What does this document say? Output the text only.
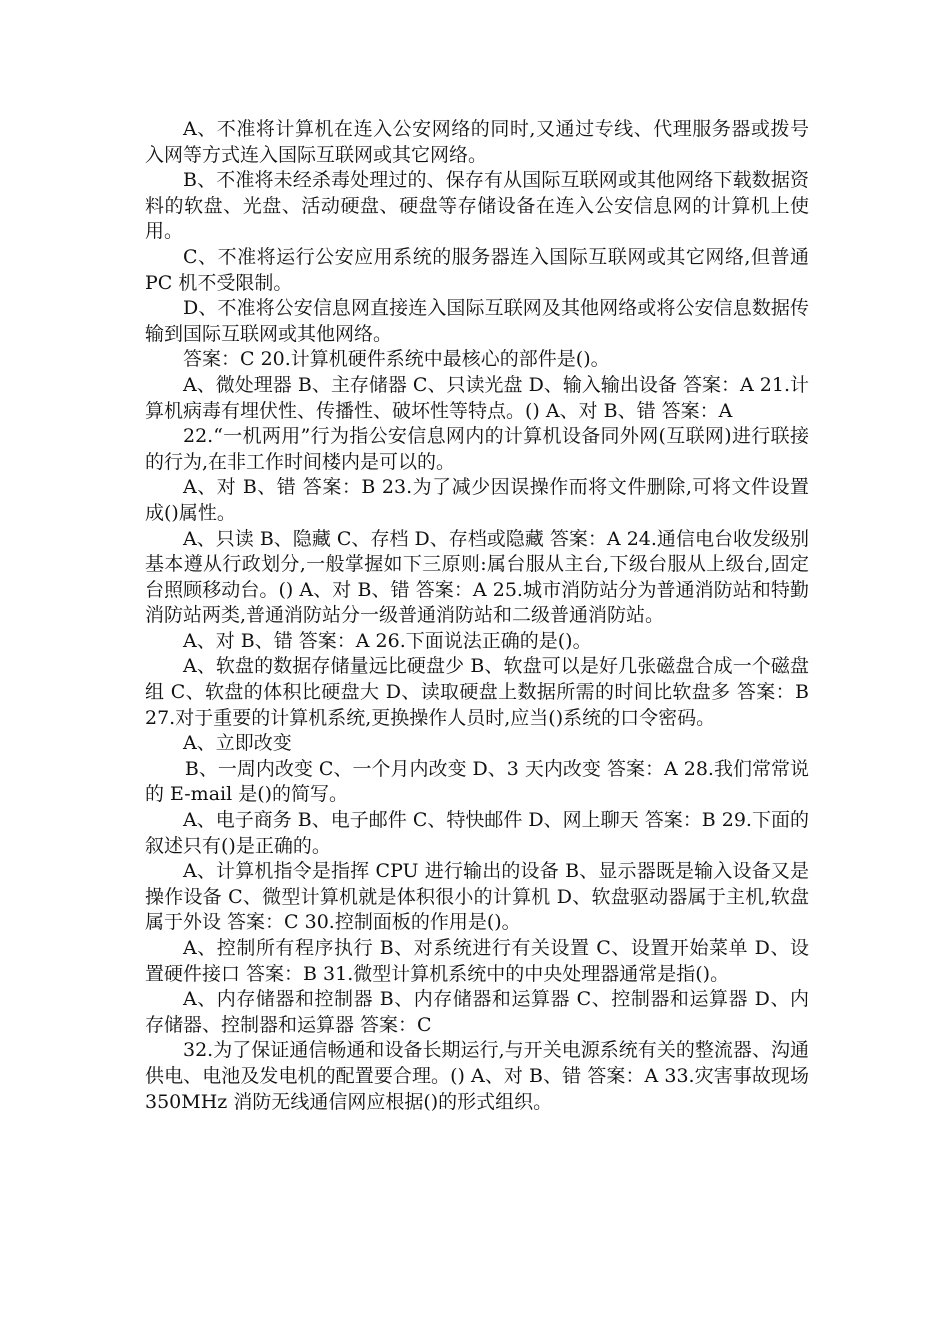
A、不准将计算机在连入公安网络的同时,又通过专线、代理服务器或拨号入网等方式连入国际互联网或其它网络。

B、不准将未经杀毒处理过的、保存有从国际互联网或其他网络下载数据资料的软盘、光盘、活动硬盘、硬盘等存储设备在连入公安信息网的计算机上使用。

C、不准将运行公安应用系统的服务器连入国际互联网或其它网络,但普通 PC 机不受限制。

D、不准将公安信息网直接连入国际互联网及其他网络或将公安信息数据传输到国际互联网或其他网络。

答案：C 20.计算机硬件系统中最核心的部件是()。

A、微处理器 B、主存储器 C、只读光盘 D、输入输出设备 答案：A 21.计算机病毒有埋伏性、传播性、破坏性等特点。() A、对 B、错 答案：A

22.“一机两用”行为指公安信息网内的计算机设备同外网(互联网)进行联接的行为,在非工作时间楼内是可以的。

A、对 B、错 答案：B 23.为了减少因误操作而将文件删除,可将文件设置成()属性。

A、只读 B、隐藏 C、存档 D、存档或隐藏 答案：A 24.通信电台收发级别基本遵从行政划分,一般掌握如下三原则:属台服从主台,下级台服从上级台,固定台照顾移动台。() A、对 B、错 答案：A 25.城市消防站分为普通消防站和特勤消防站两类,普通消防站分一级普通消防站和二级普通消防站。

A、对 B、错 答案：A 26.下面说法正确的是()。

A、软盘的数据存储量远比硬盘少 B、软盘可以是好几张磁盘合成一个磁盘组 C、软盘的体积比硬盘大 D、读取硬盘上数据所需的时间比软盘多 答案：B 27.对于重要的计算机系统,更换操作人员时,应当()系统的口令密码。

A、立即改变

B、一周内改变 C、一个月内改变 D、3 天内改变 答案：A 28.我们常常说的 E-mail 是()的简写。

A、电子商务 B、电子邮件 C、特快邮件 D、网上聊天 答案：B 29.下面的叙述只有()是正确的。

A、计算机指令是指挥 CPU 进行输出的设备 B、显示器既是输入设备又是操作设备 C、微型计算机就是体积很小的计算机 D、软盘驱动器属于主机,软盘属于外设 答案：C 30.控制面板的作用是()。

A、控制所有程序执行 B、对系统进行有关设置 C、设置开始菜单 D、设置硬件接口 答案：B 31.微型计算机系统中的中央处理器通常是指()。

A、内存储器和控制器 B、内存储器和运算器 C、控制器和运算器 D、内存储器、控制器和运算器 答案：C

32.为了保证通信畅通和设备长期运行,与开关电源系统有关的整流器、沟通供电、电池及发电机的配置要合理。() A、对 B、错 答案：A 33.灾害事故现场 350MHz 消防无线通信网应根据()的形式组织。
